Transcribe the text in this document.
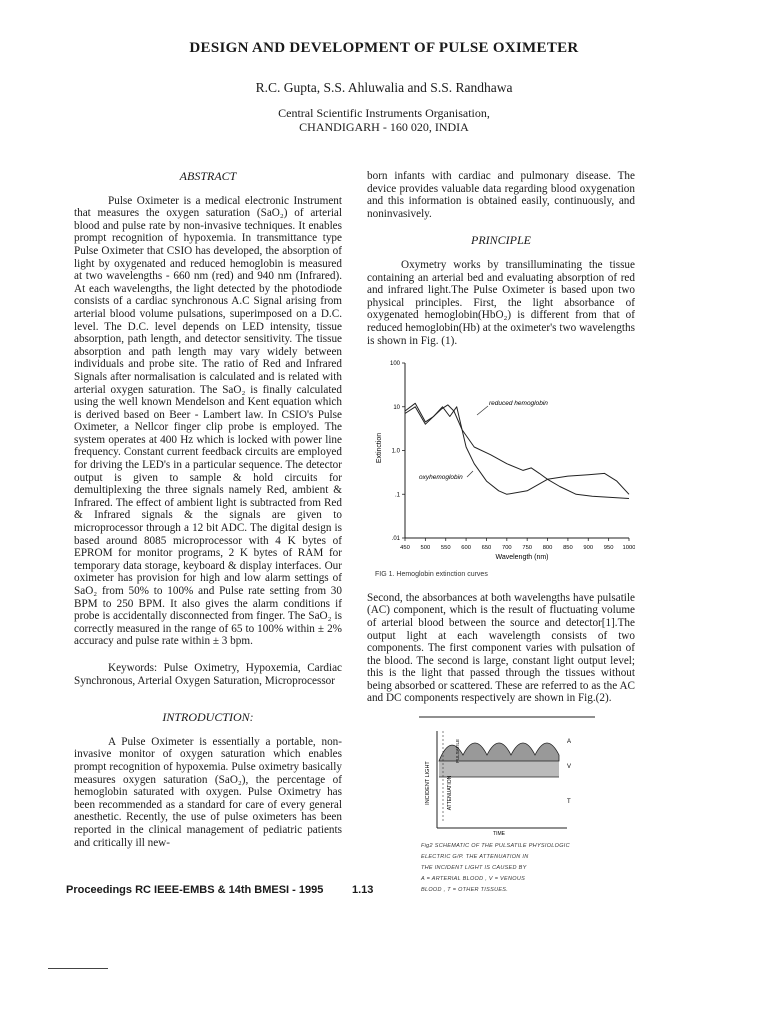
DESIGN AND DEVELOPMENT OF PULSE OXIMETER
R.C. Gupta, S.S. Ahluwalia and S.S. Randhawa
Central Scientific Instruments Organisation,
CHANDIGARH - 160 020, INDIA
ABSTRACT
Pulse Oximeter is a medical electronic Instrument that measures the oxygen saturation (SaO₂) of arterial blood and pulse rate by non-invasive techniques. It enables prompt recognition of hypoxemia. In transmittance type Pulse Oximeter that CSIO has developed, the absorption of light by oxygenated and reduced hemoglobin is measured at two wavelengths - 660 nm (red) and 940 nm (Infrared). At each wavelengths, the light detected by the photodiode consists of a cardiac synchronous A.C Signal arising from arterial blood volume pulsations, superimposed on a D.C. level. The D.C. level depends on LED intensity, tissue absorption, path length, and detector sensitivity. The tissue absorption and path length may vary widely between individuals and probe site. The ratio of Red and Infrared Signals after normalisation is calculated and is related with arterial oxygen saturation. The SaO₂ is finally calculated using the well known Mendelson and Kent equation which is derived based on Beer - Lambert law. In CSIO's Pulse Oximeter, a Nellcor finger clip probe is employed. The system operates at 400 Hz which is locked with power line frequency. Constant current feedback circuits are employed for driving the LED's in a particular sequence. The detector output is given to sample & hold circuits for demultiplexing the three signals namely Red, ambient & Infrared. The effect of ambient light is subtracted from Red & Infrared signals & the signals are given to microprocessor through a 12 bit ADC. The digital design is based around 8085 microprocessor with 4 K bytes of EPROM for monitor programs, 2 K bytes of RAM for temporary data storage, keyboard & display interfaces. Our oximeter has provision for high and low alarm settings of SaO₂ from 50% to 100% and Pulse rate setting from 30 BPM to 250 BPM. It also gives the alarm conditions if probe is accidentally disconnected from finger. The SaO₂ is correctly measured in the range of 65 to 100% within ± 2% accuracy and pulse rate within ± 3 bpm.
Keywords: Pulse Oximetry, Hypoxemia, Cardiac Synchronous, Arterial Oxygen Saturation, Microprocessor
INTRODUCTION:
A Pulse Oximeter is essentially a portable, non-invasive monitor of oxygen saturation which enables prompt recognition of hypoxemia. Pulse oximetry basically measures oxygen saturation (SaO₂), the percentage of hemoglobin saturated with oxygen. Pulse Oximetry has been recommended as a standard for care of every general anesthetic. Recently, the use of pulse oximeters has been reported in the clinical management of pediatric patients and critically ill new-
born infants with cardiac and pulmonary disease. The device provides valuable data regarding blood oxygenation and this information is obtained easily, continuously, and noninvasively.
PRINCIPLE
Oxymetry works by transilluminating the tissue containing an arterial bed and evaluating absorption of red and infrared light.The Pulse Oximeter is based upon two physical principles. First, the light absorbance of oxygenated hemoglobin(HbO₂) is different from that of reduced hemoglobin(Hb) at the oximeter's two wavelengths is shown in Fig. (1).
100
10
1.0
.1
.01
450 500 550 600 650 700 750 800 850 900 950 1000
Extinction
Wavelength (nm)
reduced hemoglobin
oxyhemoglobin
FIG 1. Hemoglobin extinction curves
Second, the absorbances at both wavelengths have pulsatile (AC) component, which is the result of fluctuating volume of arterial blood between the source and detector[1].The output light at each wavelength consists of two components. The first component varies with pulsation of the blood. The second is large, constant light output level; this is the light that passed through the tissues without being absorbed or scattered. These are referred to as the AC and DC components respectively are shown in Fig.(2).
INCIDENT LIGHT	ATTENUATION
PULSATILE	A
V
T
TIME
Fig2 SCHEMATIC OF THE PULSATILE PHYSIOLOGIC
ELECTRIC G/P. THE ATTENUATION IN
THE INCIDENT LIGHT IS CAUSED BY
A = ARTERIAL BLOOD , V = VENOUS
BLOOD , T = OTHER TISSUES.
Proceedings RC IEEE-EMBS & 14th BMESI - 1995	1.13
